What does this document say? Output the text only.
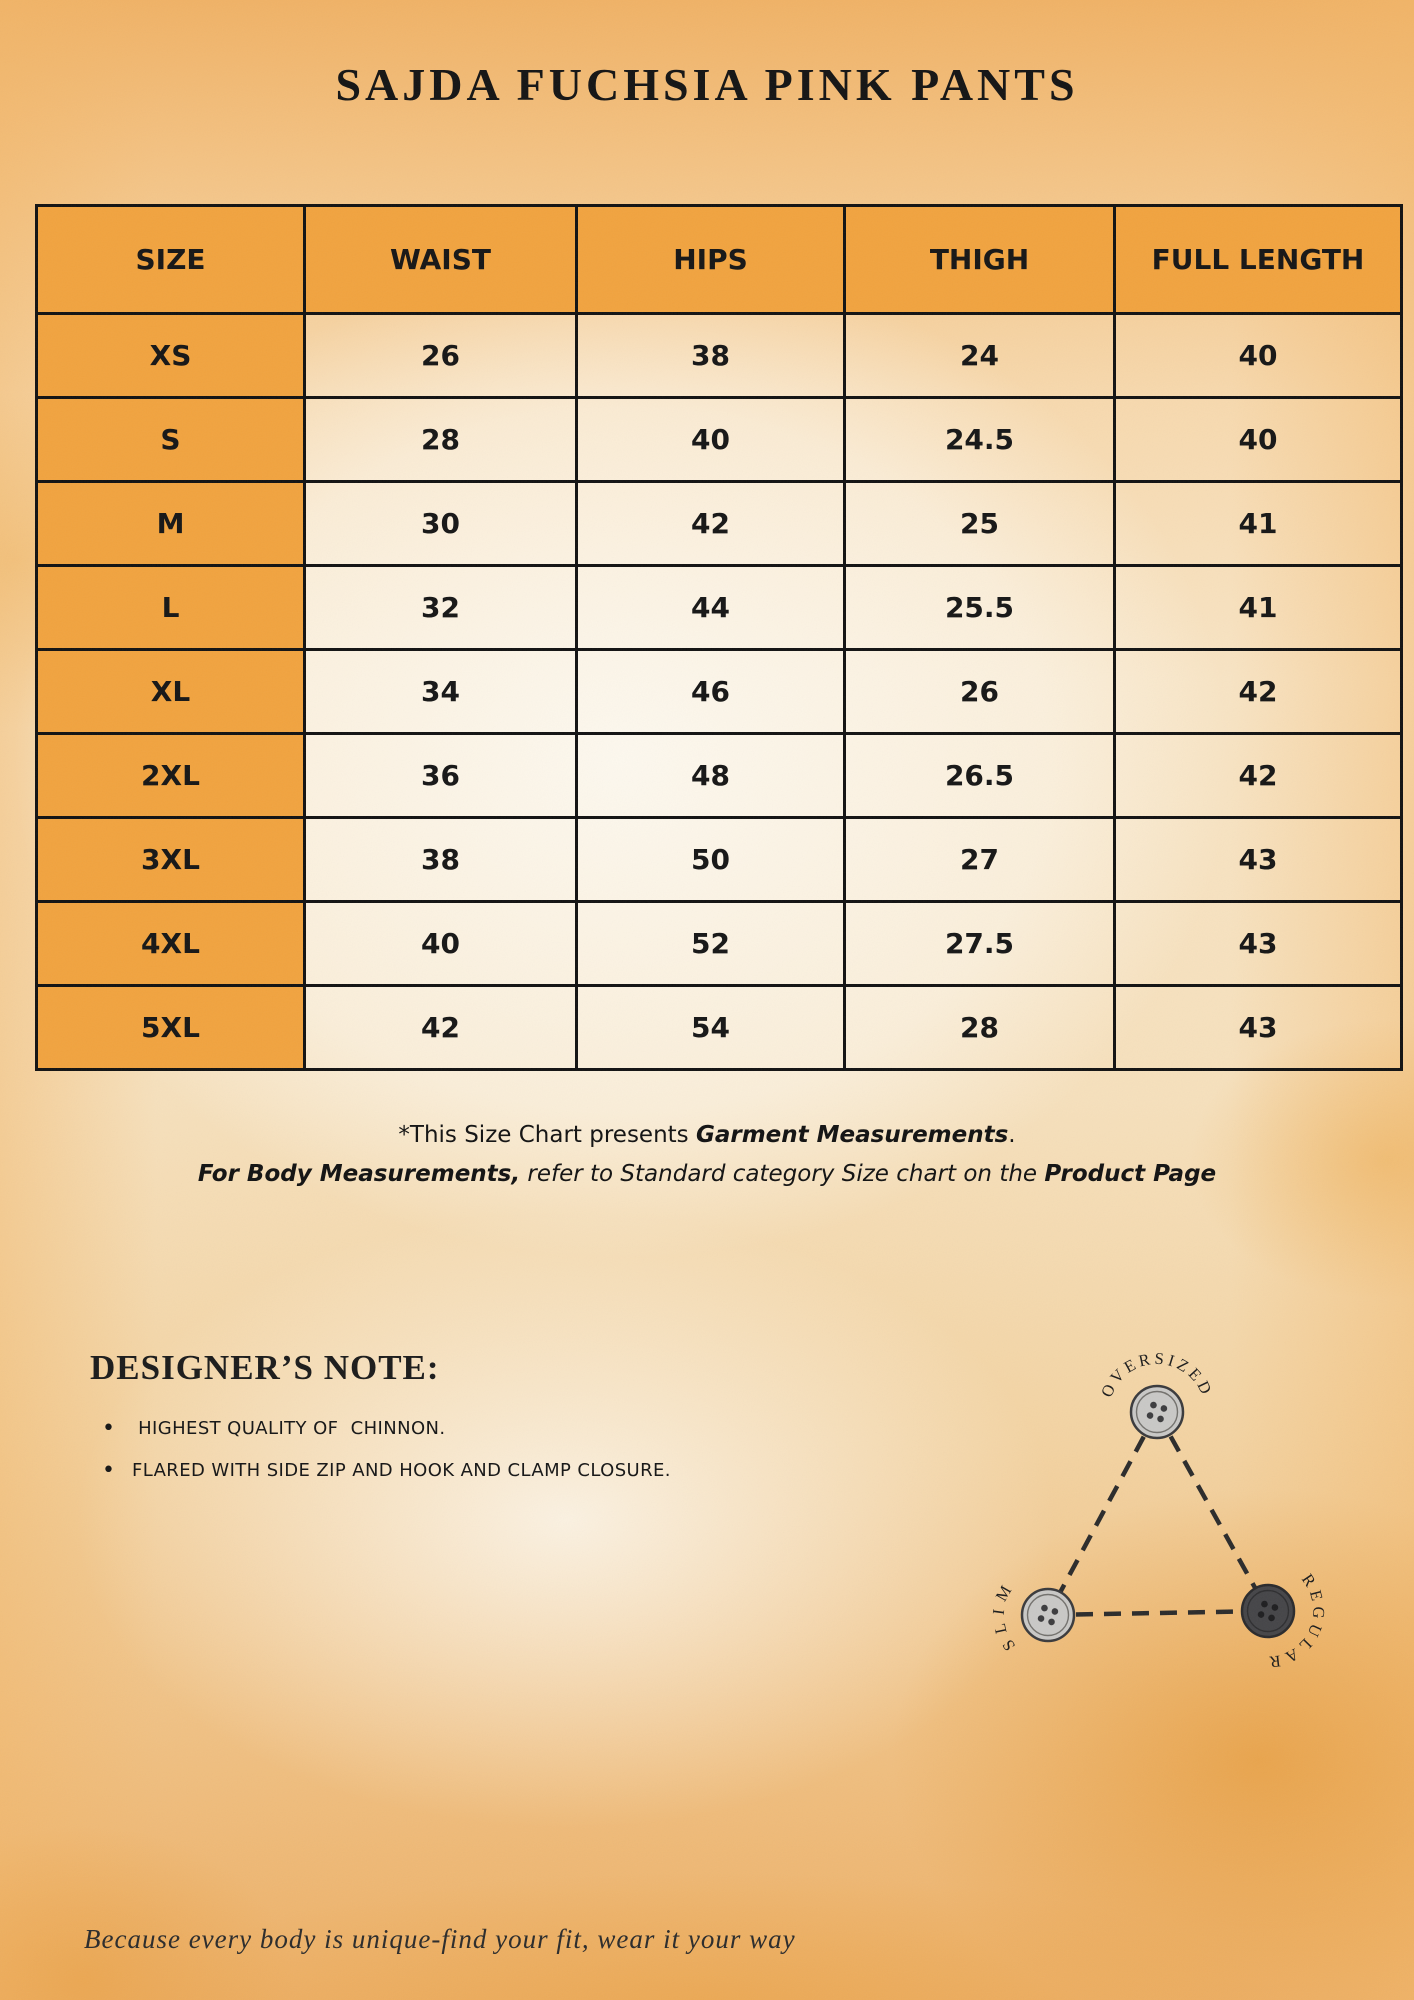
SAJDA FUCHSIA PINK PANTS
SIZE	WAIST	HIPS	THIGH	FULL LENGTH
XS	26	38	24	40
S	28	40	24.5	40
M	30	42	25	41
L	32	44	25.5	41
XL	34	46	26	42
2XL	36	48	26.5	42
3XL	38	50	27	43
4XL	40	52	27.5	43
5XL	42	54	28	43

*This Size Chart presents Garment Measurements.

For Body Measurements, refer to Standard category Size chart on the Product Page

DESIGNER’S NOTE:
•  HIGHEST QUALITY OF  CHINNON.
• FLARED WITH SIDE ZIP AND HOOK AND CLAMP CLOSURE.
OVERSIZED
SLIM	REGULAR

Because every body is unique-find your fit, wear it your way
